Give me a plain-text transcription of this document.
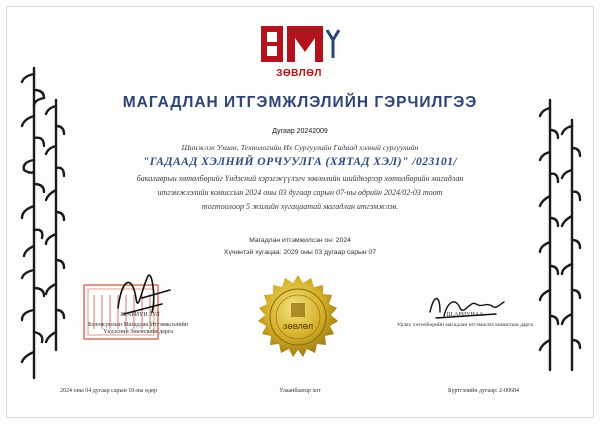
ЗӨВЛӨЛ
МАГАДЛАН ИТГЭМЖЛЭЛИЙН ГЭРЧИЛГЭЭ
Дугаар 20242009
Шинжлэх Ухаан, Технологийн Их Сургуулийн Гадаад хэлний сургуулийн
"ГАДААД ХЭЛНИЙ ОРЧУУЛГА (ХЯТАД ХЭЛ)" /023101/
бакалаврын хөтөлбөрийг Үндэсний хэрэгжүүлэгч зөвлөлийн шийдвэрээр хөтөлбөрийн магадлан
итгэмжлэлийн комиссын 2024 оны 03 дугаар сарын 07-ны өдрийн 2024/02-03 тоот
тогтоолоор 5 жилийн хугацаатай магадлан итгэмжлэв.
Магадлан итгэмжилсэн он: 2024
Хүчинтэй хугацаа: 2029 оны 03 дугаар сарын 07
Ж.АРИУН ЗУЛ
Боловсролын Магадлан Итгэмжлэлийн Үндэсний Зөвлөлийн дарга
ЗӨВЛӨЛ
Ш.АРИУНАА
Урлаг, хөтөлбөрийн магадлан итгэмжлэх комиссын дарга
2024 оны 04 дугаар сарын 10-ны өдөр	Улаанбаатар хот	Бүртгэлийн дугаар: 2-00684
